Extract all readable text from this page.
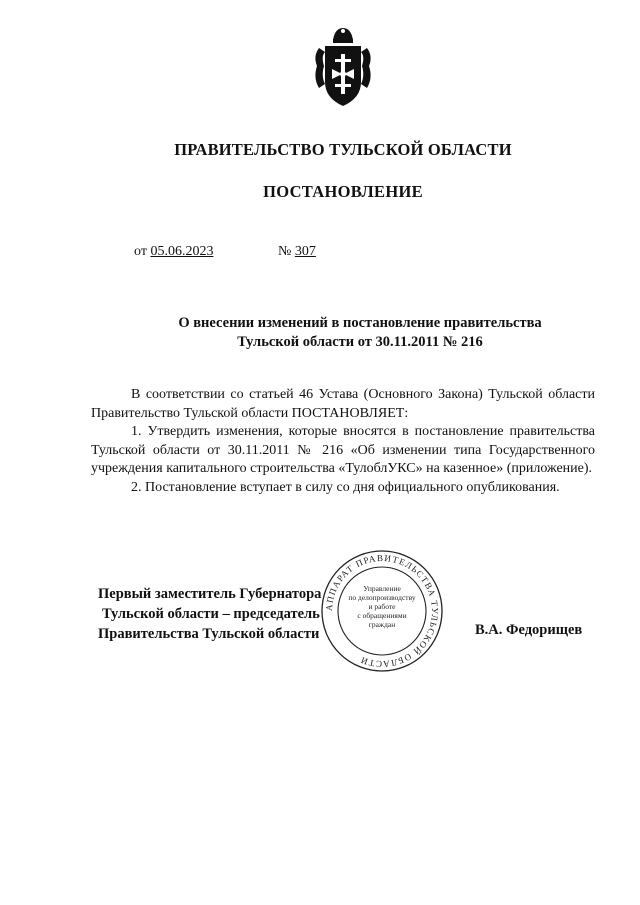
ПРАВИТЕЛЬСТВО ТУЛЬСКОЙ ОБЛАСТИ
ПОСТАНОВЛЕНИЕ
от 05.06.2023	№ 307
О внесении изменений в постановление правительства
Тульской области от 30.11.2011 № 216

В соответствии со статьей 46 Устава (Основного Закона) Тульской области Правительство Тульской области ПОСТАНОВЛЯЕТ:

1. Утвердить изменения, которые вносятся в постановление правительства Тульской области от 30.11.2011 № 216 «Об изменении типа Государственного учреждения капитального строительства «ТулоблУКС» на казенное» (приложение).

2. Постановление вступает в силу со дня официального опубликования.

АППАРАТ ПРАВИТЕЛЬСТВА ТУЛЬСКОЙ ОБЛАСТИ
Управление
по делопроизводству
и работе
с обращениями
граждан
Первый заместитель Губернатора
Тульской области – председатель
Правительства Тульской области	В.А. Федорищев
